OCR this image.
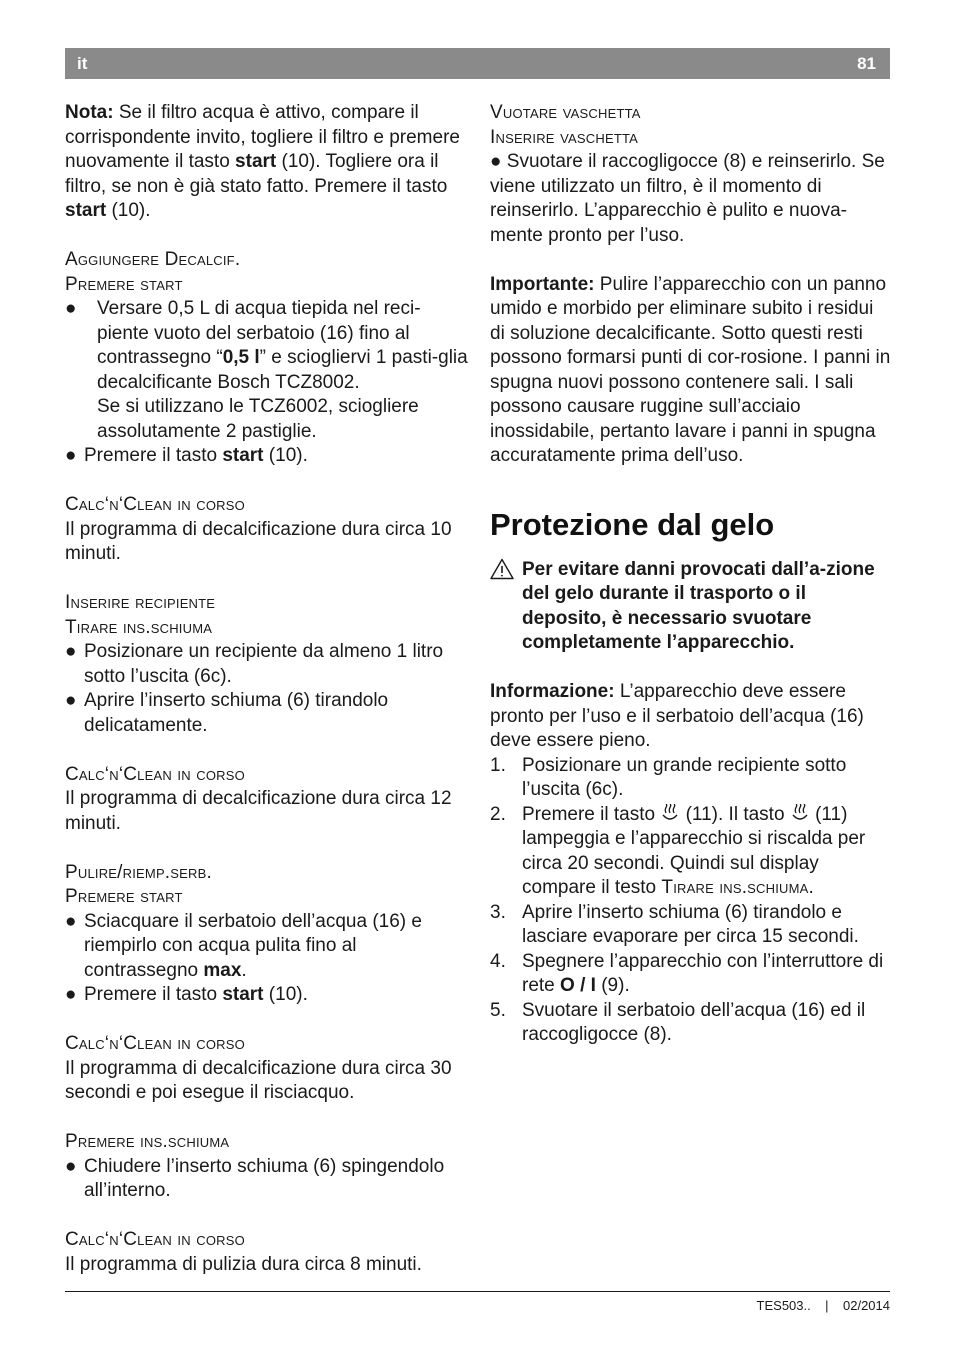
it	81

Nota: Se il filtro acqua è attivo, compare il corrispondente invito, togliere il filtro e premere nuovamente il tasto start (10). Togliere ora il filtro, se non è già stato fatto. Premere il tasto start (10).

Aggiungere Decalcif.

Premere start

● Versare 0,5 L di acqua tiepida nel reci-piente vuoto del serbatoio (16) fino al contrassegno “0,5 l” e sciogliervi 1 pasti-glia decalcificante Bosch TCZ8002.
Se si utilizzano le TCZ6002, sciogliere assolutamente 2 pastiglie.
● Premere il tasto start (10).

Calc‘n‘Clean in corso

Il programma di decalcificazione dura circa 10 minuti.

Inserire recipiente

Tirare ins.schiuma

● Posizionare un recipiente da almeno 1 litro sotto l’uscita (6c).
● Aprire l’inserto schiuma (6) tirandolo delicatamente.

Calc‘n‘Clean in corso

Il programma di decalcificazione dura circa 12 minuti.

Pulire/riemp.serb.

Premere start

● Sciacquare il serbatoio dell’acqua (16) e riempirlo con acqua pulita fino al contrassegno max.
● Premere il tasto start (10).

Calc‘n‘Clean in corso

Il programma di decalcificazione dura circa 30 secondi e poi esegue il risciacquo.

Premere ins.schiuma

● Chiudere l’inserto schiuma (6) spingendolo all’interno.

Calc‘n‘Clean in corso

Il programma di pulizia dura circa 8 minuti.

Vuotare vaschetta

Inserire vaschetta

● Svuotare il raccogligocce (8) e reinserirlo. Se viene utilizzato un filtro, è il momento di reinserirlo. L’apparecchio è pulito e nuova-mente pronto per l’uso.

Importante: Pulire l’apparecchio con un panno umido e morbido per eliminare subito i residui di soluzione decalcificante. Sotto questi resti possono formarsi punti di cor-rosione. I panni in spugna nuovi possono contenere sali. I sali possono causare ruggine sull’acciaio inossidabile, pertanto lavare i panni in spugna accuratamente prima dell’uso.

Protezione dal gelo
Per evitare danni provocati dall’a-zione del gelo durante il trasporto o il deposito, è necessario svuotare completamente l’apparecchio.

Informazione: L’apparecchio deve essere pronto per l’uso e il serbatoio dell’acqua (16) deve essere pieno.

1. Posizionare un grande recipiente sotto l’uscita (6c).
2. Premere il tasto  (11). Il tasto  (11) lampeggia e l’apparecchio si riscalda per circa 20 secondi. Quindi sul display compare il testo Tirare ins.schiuma.
3. Aprire l’inserto schiuma (6) tirandolo e lasciare evaporare per circa 15 secondi.
4. Spegnere l’apparecchio con l’interruttore di rete O / I (9).
5. Svuotare il serbatoio dell’acqua (16) ed il raccogligocce (8).
TES503..    |    02/2014
